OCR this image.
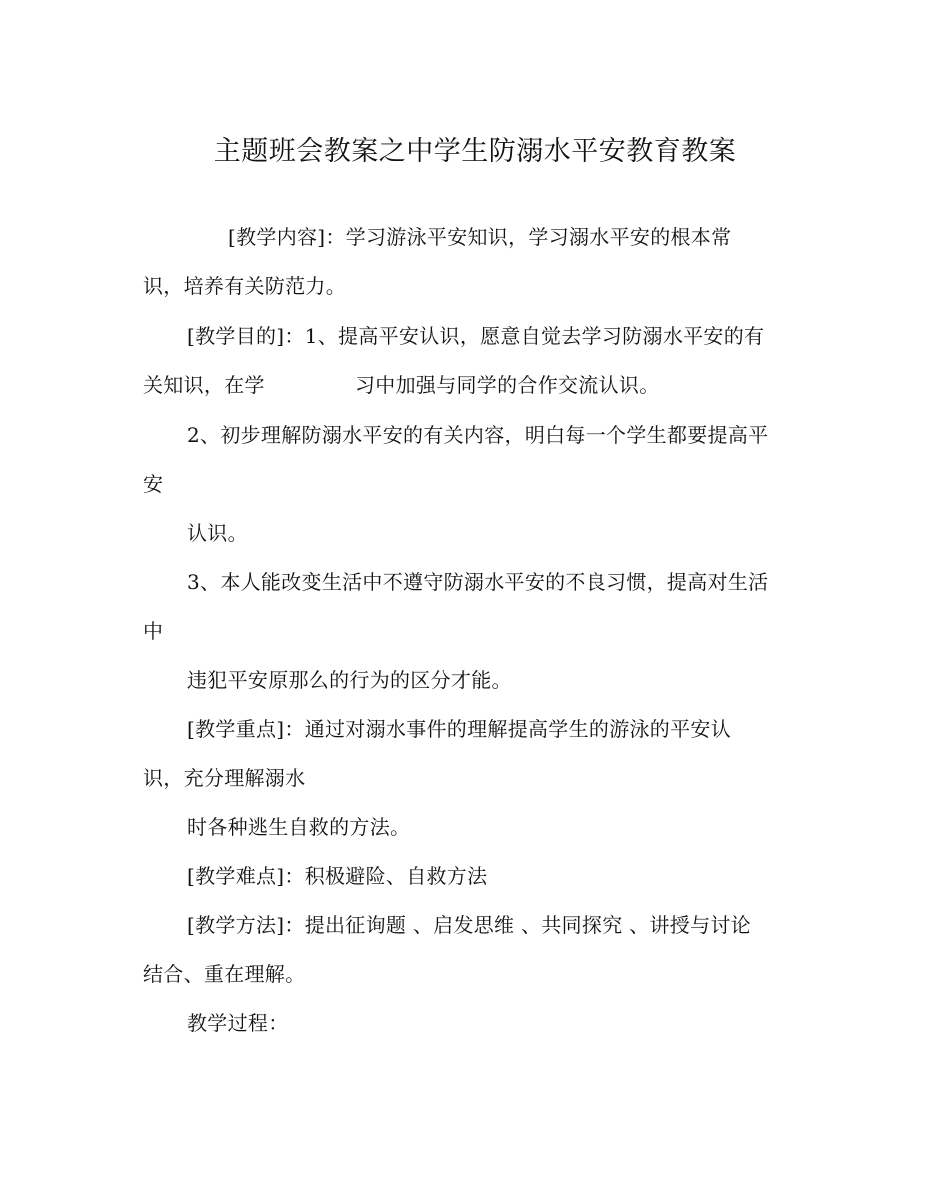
主题班会教案之中学生防溺水平安教育教案
[教学内容]：学习游泳平安知识，学习溺水平安的根本常
识，培养有关防范力。
[教学目的]：1、提高平安认识，愿意自觉去学习防溺水平安的有
关知识，在学	习中加强与同学的合作交流认识。
2、初步理解防溺水平安的有关内容，明白每一个学生都要提高平
安
认识。
3、本人能改变生活中不遵守防溺水平安的不良习惯，提高对生活
中
违犯平安原那么的行为的区分才能。
[教学重点]：通过对溺水事件的理解提高学生的游泳的平安认
识，充分理解溺水
时各种逃生自救的方法。
[教学难点]：积极避险、自救方法
[教学方法]：提出征询题 、启发思维 、共同探究 、讲授与讨论
结合、重在理解。
教学过程：
